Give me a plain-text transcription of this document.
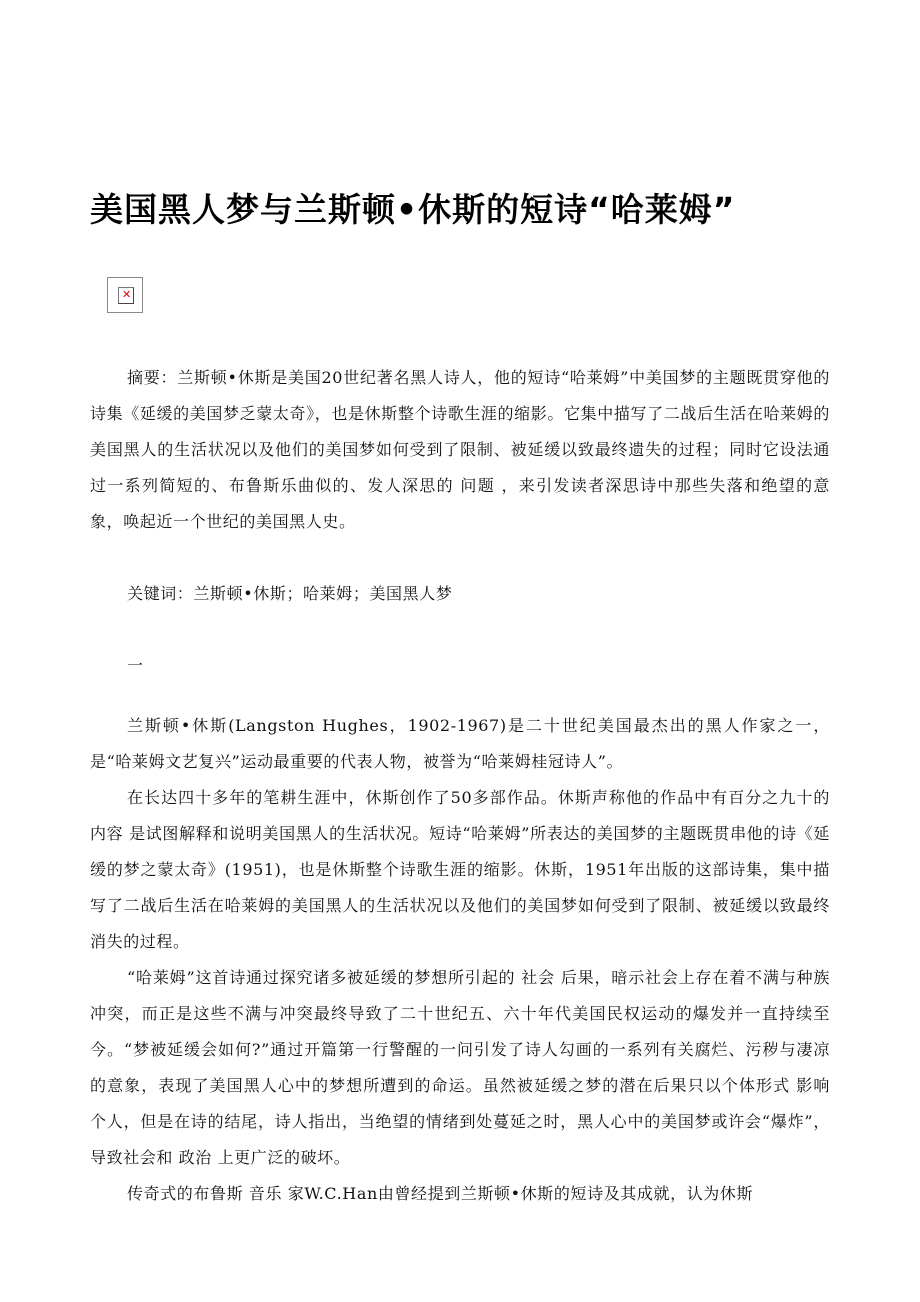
美国黑人梦与兰斯顿•休斯的短诗“哈莱姆”
✕

摘要：兰斯顿•休斯是美国20世纪著名黑人诗人，他的短诗“哈莱姆”中美国梦的主题既贯穿他的诗集《延缓的美国梦乏蒙太奇》，也是休斯整个诗歌生涯的缩影。它集中描写了二战后生活在哈莱姆的美国黑人的生活状况以及他们的美国梦如何受到了限制、被延缓以致最终遗失的过程；同时它设法通过一系列简短的、布鲁斯乐曲似的、发人深思的 问题 ，来引发读者深思诗中那些失落和绝望的意象，唤起近一个世纪的美国黑人史。

关键词：兰斯顿•休斯；哈莱姆；美国黑人梦

一

兰斯顿•休斯(Langston Hughes，1902-1967)是二十世纪美国最杰出的黑人作家之一，是“哈莱姆文艺复兴”运动最重要的代表人物，被誉为“哈莱姆桂冠诗人”。

在长达四十多年的笔耕生涯中，休斯创作了50多部作品。休斯声称他的作品中有百分之九十的 内容 是试图解释和说明美国黑人的生活状况。短诗“哈莱姆”所表达的美国梦的主题既贯串他的诗《延缓的梦之蒙太奇》(1951)，也是休斯整个诗歌生涯的缩影。休斯，1951年出版的这部诗集，集中描写了二战后生活在哈莱姆的美国黑人的生活状况以及他们的美国梦如何受到了限制、被延缓以致最终消失的过程。

“哈莱姆”这首诗通过探究诸多被延缓的梦想所引起的 社会 后果，暗示社会上存在着不满与种族冲突，而正是这些不满与冲突最终导致了二十世纪五、六十年代美国民权运动的爆发并一直持续至今。“梦被延缓会如何?”通过开篇第一行警醒的一问引发了诗人勾画的一系列有关腐烂、污秽与凄凉的意象，表现了美国黑人心中的梦想所遭到的命运。虽然被延缓之梦的潜在后果只以个体形式 影响 个人，但是在诗的结尾，诗人指出，当绝望的情绪到处蔓延之时，黑人心中的美国梦或许会“爆炸”，导致社会和 政治 上更广泛的破坏。

传奇式的布鲁斯 音乐 家W.C.Han由曾经提到兰斯顿•休斯的短诗及其成就，认为休斯
